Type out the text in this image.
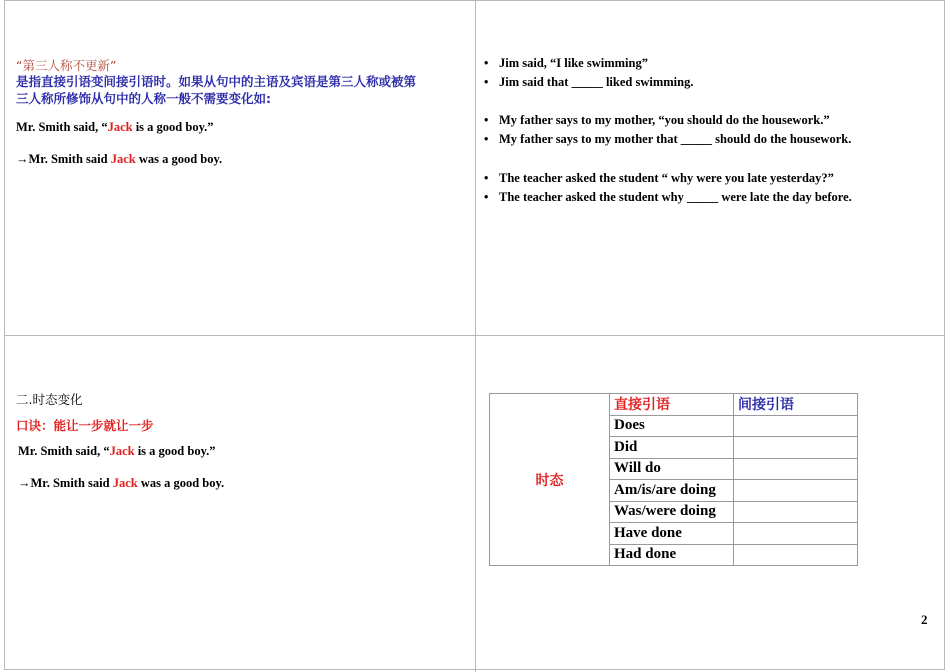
“第三人称不更新”
是指直接引语变间接引语时。如果从句中的主语及宾语是第三人称或被第
三人称所修饰从句中的人称一般不需要变化如:
Mr. Smith said, “Jack is a good boy.”
→Mr. Smith said Jack was a good boy.
• Jim said, “I like swimming”
• Jim said that _____ liked swimming.
• My father says to my mother, “you should do the housework.”
• My father says to my mother that _____ should do the housework.
• The teacher asked the student “ why were you late yesterday?”
• The teacher asked the student why _____ were late the day before.
二.时态变化
口诀：能让一步就让一步
Mr. Smith said, “Jack is a good boy.”
→Mr. Smith said Jack was a good boy.	时态	直接引语	间接引语
	Does	
	Did	
	Will do	
	Am/is/are doing	
	Was/were doing	
	Have done	
	Had done	
2
